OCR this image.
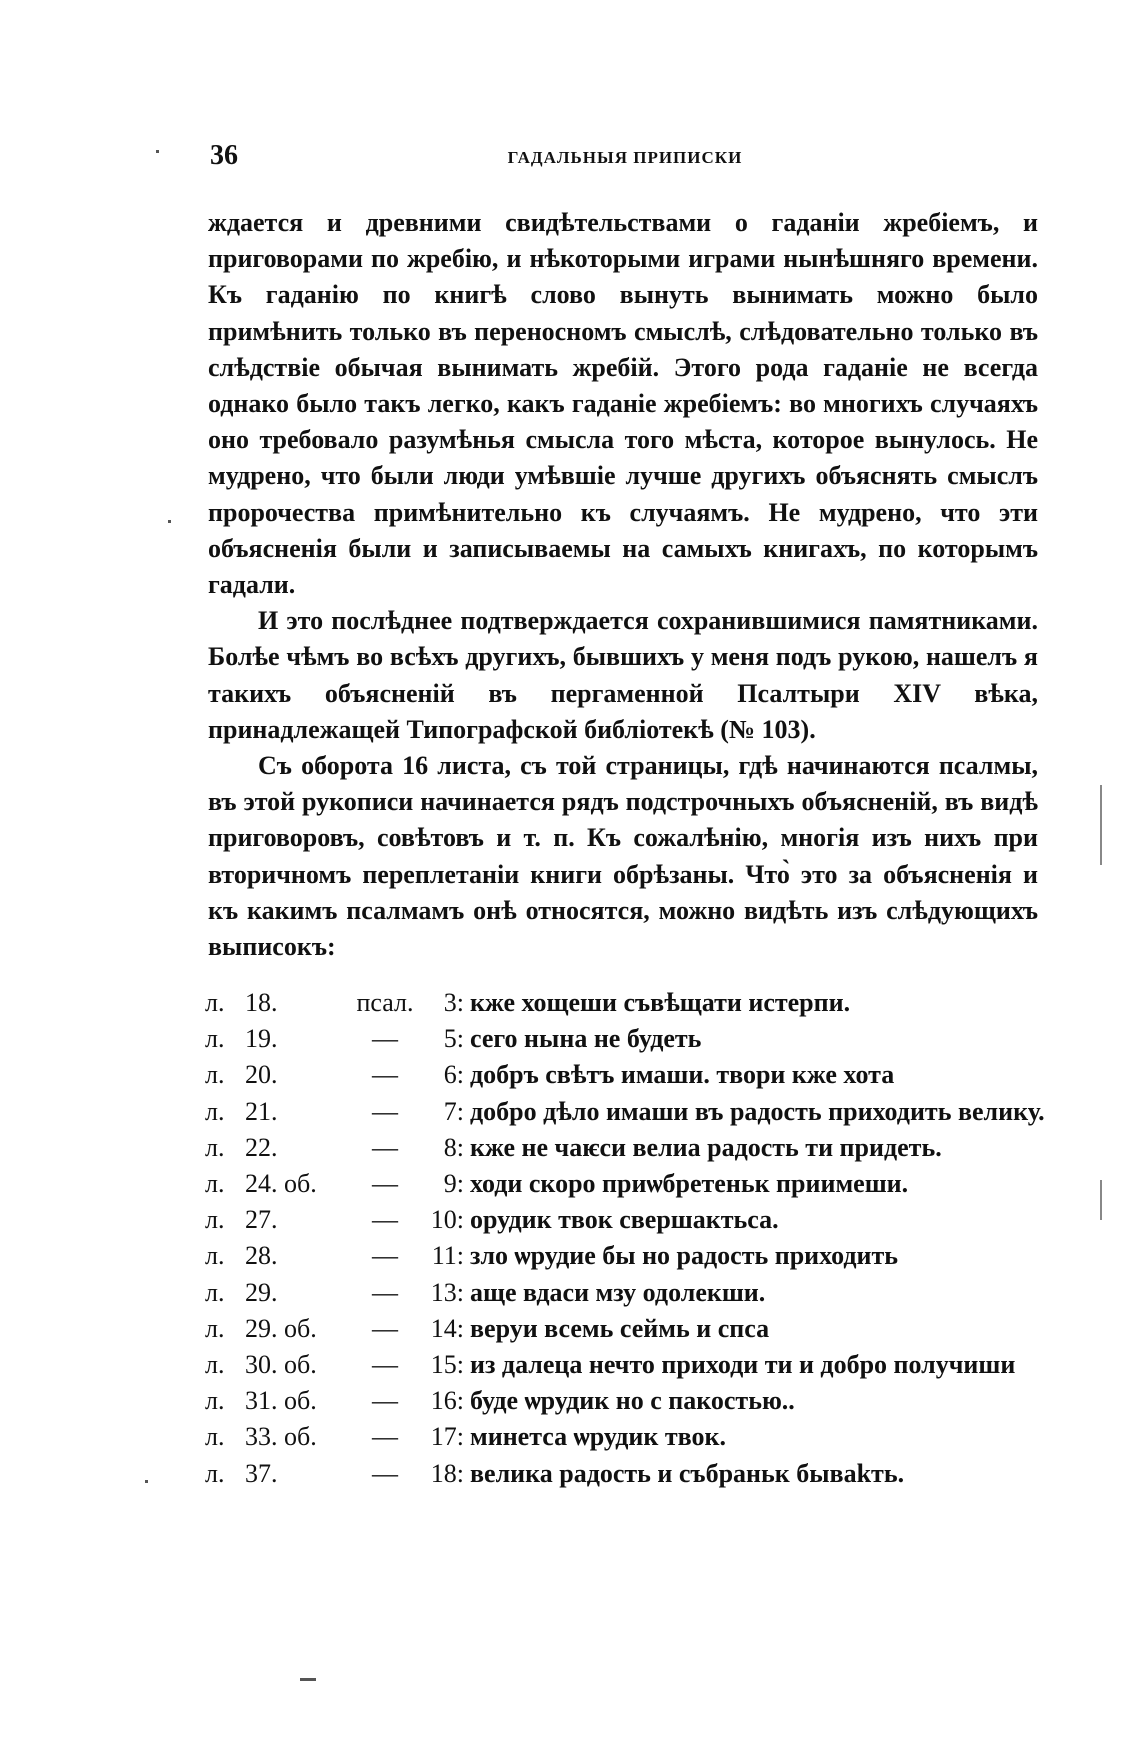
36	ГАДАЛЬНЫЯ ПРИПИСКИ

ждается и древними свидѣтельствами о гаданіи жребіемъ, и приговорами по жребію, и нѣкоторыми играми нынѣшняго времени. Къ гаданію по книгѣ слово вынуть вынимать можно было примѣнить только въ переносномъ смыслѣ, слѣдовательно только въ слѣдствіе обычая вынимать жребій. Этого рода гаданіе не всегда однако было такъ легко, какъ гаданіе жребіемъ: во многихъ случаяхъ оно требовало разумѣнья смысла того мѣста, которое вынулось. Не мудрено, что были люди умѣвшіе лучше другихъ объяснять смыслъ пророчества примѣнительно къ случаямъ. Не мудрено, что эти объясненія были и записываемы на самыхъ книгахъ, по которымъ гадали.

И это послѣднее подтверждается сохранившимися памятниками. Болѣе чѣмъ во всѣхъ другихъ, бывшихъ у меня подъ рукою, нашелъ я такихъ объясненій въ пергаменной Псалтыри XIV вѣка, принадлежащей Типографской библіотекѣ (№ 103).

Съ оборота 16 листа, съ той страницы, гдѣ начинаются псалмы, въ этой рукописи начинается рядъ подстрочныхъ объясненій, въ видѣ приговоровъ, совѣтовъ и т. п. Къ сожалѣнію, многія изъ нихъ при вторичномъ переплетаніи книги обрѣзаны. Что̀ это за объясненія и къ какимъ псалмамъ онѣ относятся, можно видѣть изъ слѣдующихъ выписокъ:

л. 18.	псал.	3: кже хощеши съвѣщати истерпи.
л. 19.	—	5: сего нына не будеть
л. 20.	—	6: добръ свѣтъ имаши. твори кже хота
л. 21.	—	7: добро дѣло имаши въ радость приходить велику.
л. 22.	—	8: кже не чаѥси велиа радость ти придеть.
л. 24. об.	—	9: ходи скоро приѡбретеньк приимеши.
л. 27.	—	10: орудик твок свершактьса.
л. 28.	—	11: зло ѡрудие бы но радость приходить
л. 29.	—	13: аще вдаси мзу одолекши.
л. 29. об.	—	14: веруи всемь сеймь и спса
л. 30. об.	—	15: из далеца нечто приходи ти и добро получиши
л. 31. об.	—	16: буде ѡрудик но с пакостью..
л. 33. об.	—	17: минетса ѡрудик твок.
л. 37.	—	18: велика радость и събраньк бываkть.
